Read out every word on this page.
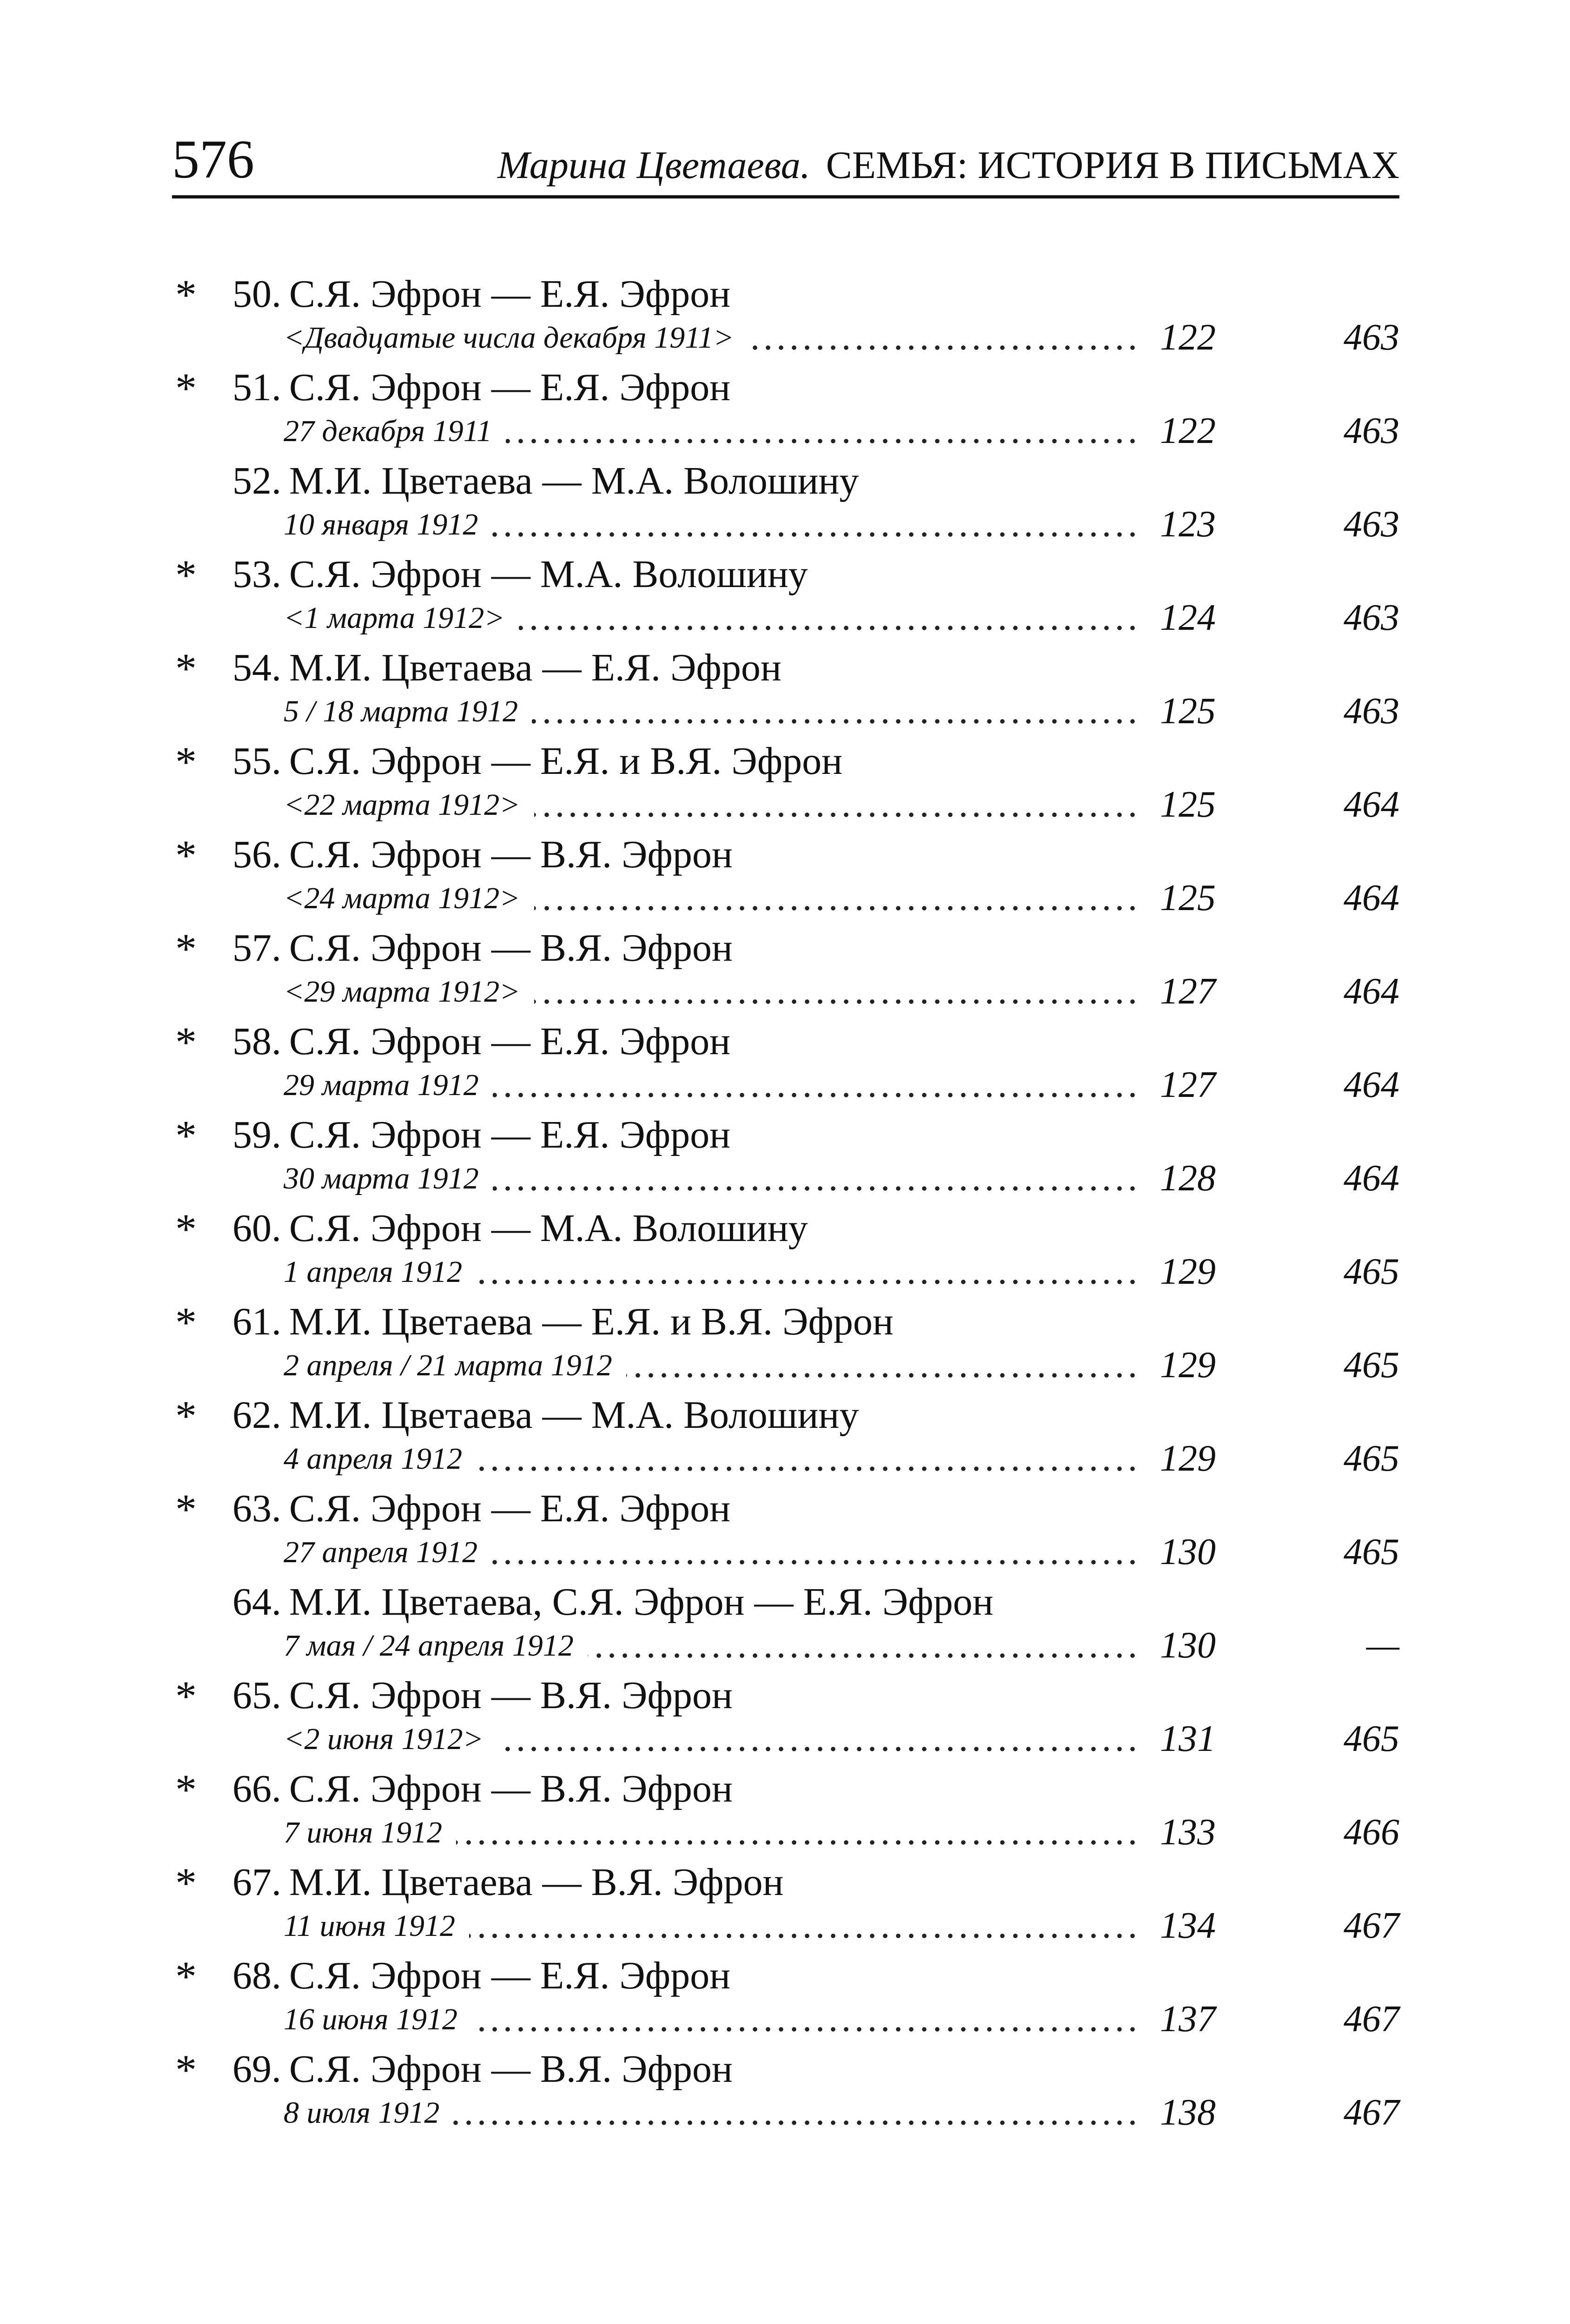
576	Марина Цветаева. СЕМЬЯ: ИСТОРИЯ В ПИСЬМАХ
* 50. С.Я. Эфрон — Е.Я. Эфрон
<Двадцатые числа декабря 1911>	122	463
* 51. С.Я. Эфрон — Е.Я. Эфрон
27 декабря 1911	122	463
52. М.И. Цветаева — М.А. Волошину
10 января 1912	123	463
* 53. С.Я. Эфрон — М.А. Волошину
<1 марта 1912>	124	463
* 54. М.И. Цветаева — Е.Я. Эфрон
5 / 18 марта 1912	125	463
* 55. С.Я. Эфрон — Е.Я. и В.Я. Эфрон
<22 марта 1912>	125	464
* 56. С.Я. Эфрон — В.Я. Эфрон
<24 марта 1912>	125	464
* 57. С.Я. Эфрон — В.Я. Эфрон
<29 марта 1912>	127	464
* 58. С.Я. Эфрон — Е.Я. Эфрон
29 марта 1912	127	464
* 59. С.Я. Эфрон — Е.Я. Эфрон
30 марта 1912	128	464
* 60. С.Я. Эфрон — М.А. Волошину
1 апреля 1912	129	465
* 61. М.И. Цветаева — Е.Я. и В.Я. Эфрон
2 апреля / 21 марта 1912	129	465
* 62. М.И. Цветаева — М.А. Волошину
4 апреля 1912	129	465
* 63. С.Я. Эфрон — Е.Я. Эфрон
27 апреля 1912	130	465
64. М.И. Цветаева, С.Я. Эфрон — Е.Я. Эфрон
7 мая / 24 апреля 1912	130	—
* 65. С.Я. Эфрон — В.Я. Эфрон
<2 июня 1912>	131	465
* 66. С.Я. Эфрон — В.Я. Эфрон
7 июня 1912	133	466
* 67. М.И. Цветаева — В.Я. Эфрон
11 июня 1912	134	467
* 68. С.Я. Эфрон — Е.Я. Эфрон
16 июня 1912	137	467
* 69. С.Я. Эфрон — В.Я. Эфрон
8 июля 1912	138	467
